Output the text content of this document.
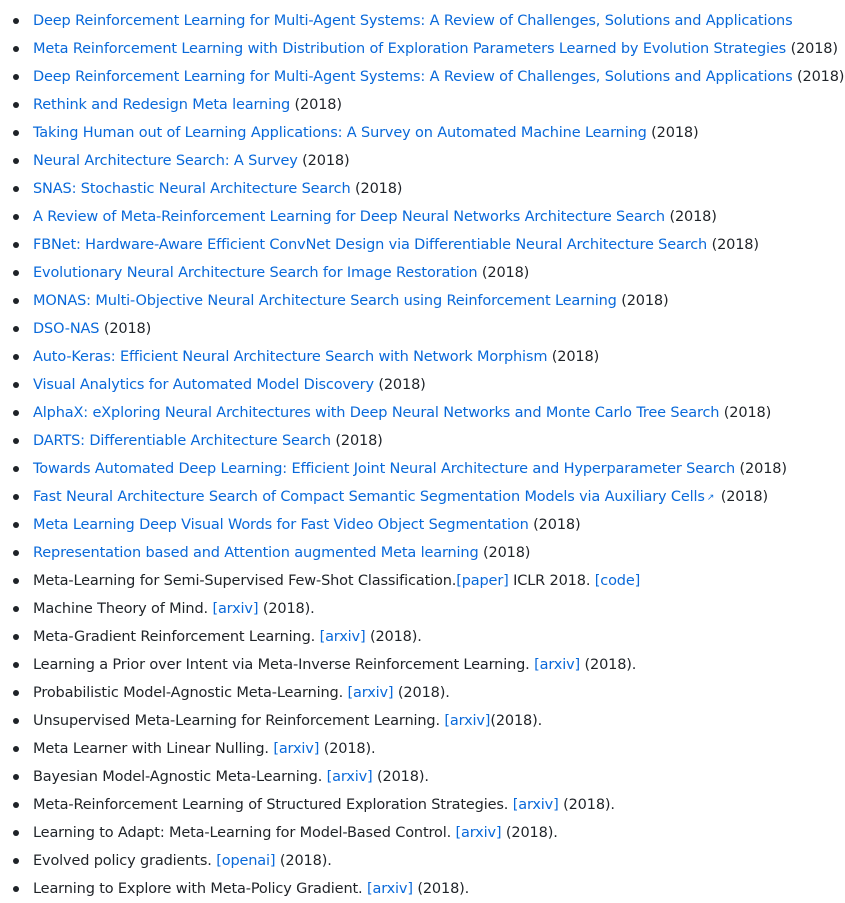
Deep Reinforcement Learning for Multi-Agent Systems: A Review of Challenges, Solutions and Applications
Meta Reinforcement Learning with Distribution of Exploration Parameters Learned by Evolution Strategies (2018)
Deep Reinforcement Learning for Multi-Agent Systems: A Review of Challenges, Solutions and Applications (2018)
Rethink and Redesign Meta learning (2018)
Taking Human out of Learning Applications: A Survey on Automated Machine Learning (2018)
Neural Architecture Search: A Survey (2018)
SNAS: Stochastic Neural Architecture Search (2018)
A Review of Meta-Reinforcement Learning for Deep Neural Networks Architecture Search (2018)
FBNet: Hardware-Aware Efficient ConvNet Design via Differentiable Neural Architecture Search (2018)
Evolutionary Neural Architecture Search for Image Restoration (2018)
MONAS: Multi-Objective Neural Architecture Search using Reinforcement Learning (2018)
DSO-NAS (2018)
Auto-Keras: Efficient Neural Architecture Search with Network Morphism (2018)
Visual Analytics for Automated Model Discovery (2018)
AlphaX: eXploring Neural Architectures with Deep Neural Networks and Monte Carlo Tree Search (2018)
DARTS: Differentiable Architecture Search (2018)
Towards Automated Deep Learning: Efficient Joint Neural Architecture and Hyperparameter Search (2018)
Fast Neural Architecture Search of Compact Semantic Segmentation Models via Auxiliary Cells ↗ (2018)
Meta Learning Deep Visual Words for Fast Video Object Segmentation (2018)
Representation based and Attention augmented Meta learning (2018)
Meta-Learning for Semi-Supervised Few-Shot Classification.[paper] ICLR 2018. [code]
Machine Theory of Mind. [arxiv] (2018).
Meta-Gradient Reinforcement Learning. [arxiv] (2018).
Learning a Prior over Intent via Meta-Inverse Reinforcement Learning. [arxiv] (2018).
Probabilistic Model-Agnostic Meta-Learning. [arxiv] (2018).
Unsupervised Meta-Learning for Reinforcement Learning. [arxiv](2018).
Meta Learner with Linear Nulling. [arxiv] (2018).
Bayesian Model-Agnostic Meta-Learning. [arxiv] (2018).
Meta-Reinforcement Learning of Structured Exploration Strategies. [arxiv] (2018).
Learning to Adapt: Meta-Learning for Model-Based Control. [arxiv] (2018).
Evolved policy gradients. [openai] (2018).
Learning to Explore with Meta-Policy Gradient. [arxiv] (2018).
